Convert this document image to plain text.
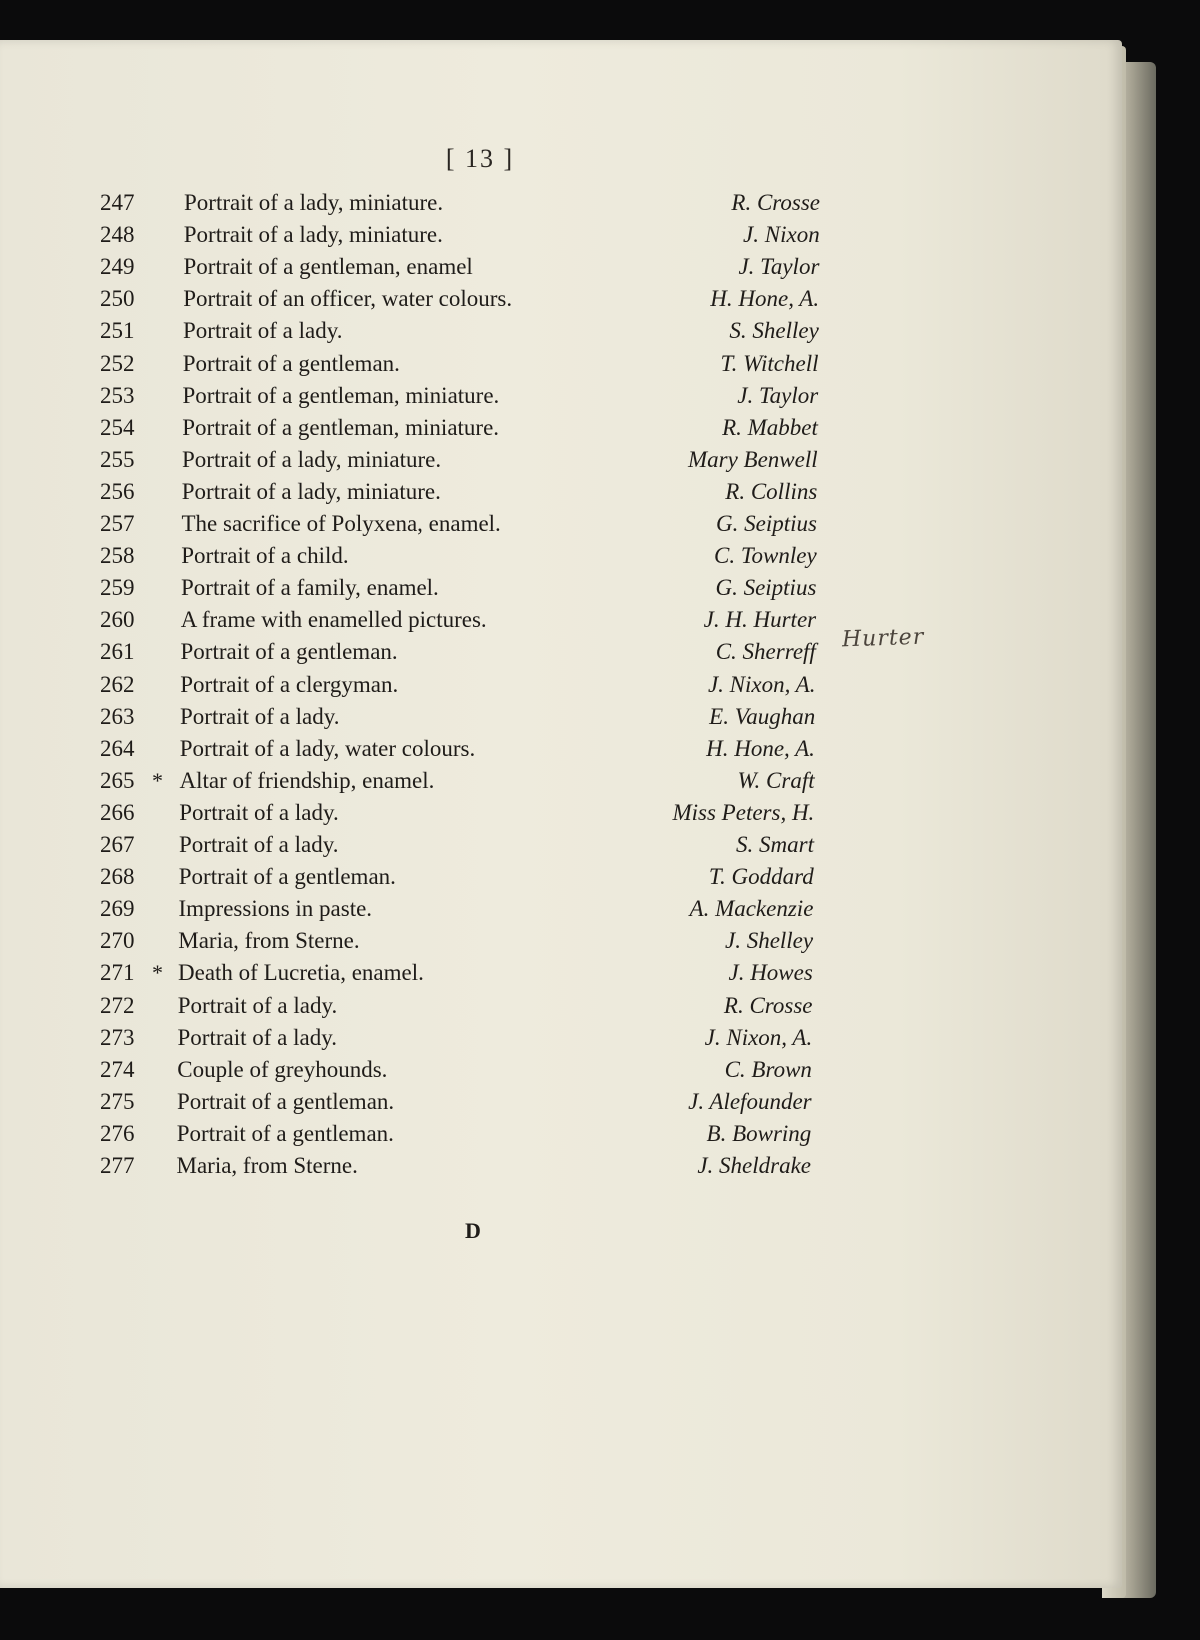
[ 13 ]
247	Portrait of a lady, miniature.	R. Crosse
248	Portrait of a lady, miniature.	J. Nixon
249	Portrait of a gentleman, enamel	J. Taylor
250	Portrait of an officer, water colours.	H. Hone, A.
251	Portrait of a lady.	S. Shelley
252	Portrait of a gentleman.	T. Witchell
253	Portrait of a gentleman, miniature.	J. Taylor
254	Portrait of a gentleman, miniature.	R. Mabbet
255	Portrait of a lady, miniature.	Mary Benwell
256	Portrait of a lady, miniature.	R. Collins
257	The sacrifice of Polyxena, enamel.	G. Seiptius
258	Portrait of a child.	C. Townley
259	Portrait of a family, enamel.	G. Seiptius
260	A frame with enamelled pictures.	J. H. Hurter
261	Portrait of a gentleman.	C. Sherreff
262	Portrait of a clergyman.	J. Nixon, A.
263	Portrait of a lady.	E. Vaughan
264	Portrait of a lady, water colours.	H. Hone, A.
265 * Altar of friendship, enamel.	W. Craft
266	Portrait of a lady.	Miss Peters, H.
267	Portrait of a lady.	S. Smart
268	Portrait of a gentleman.	T. Goddard
269	Impressions in paste.	A. Mackenzie
270	Maria, from Sterne.	J. Shelley
271 * Death of Lucretia, enamel.	J. Howes
272	Portrait of a lady.	R. Crosse
273	Portrait of a lady.	J. Nixon, A.
274	Couple of greyhounds.	C. Brown
275	Portrait of a gentleman.	J. Alefounder
276	Portrait of a gentleman.	B. Bowring
277	Maria, from Sterne.	J. Sheldrake
Hurter
D
